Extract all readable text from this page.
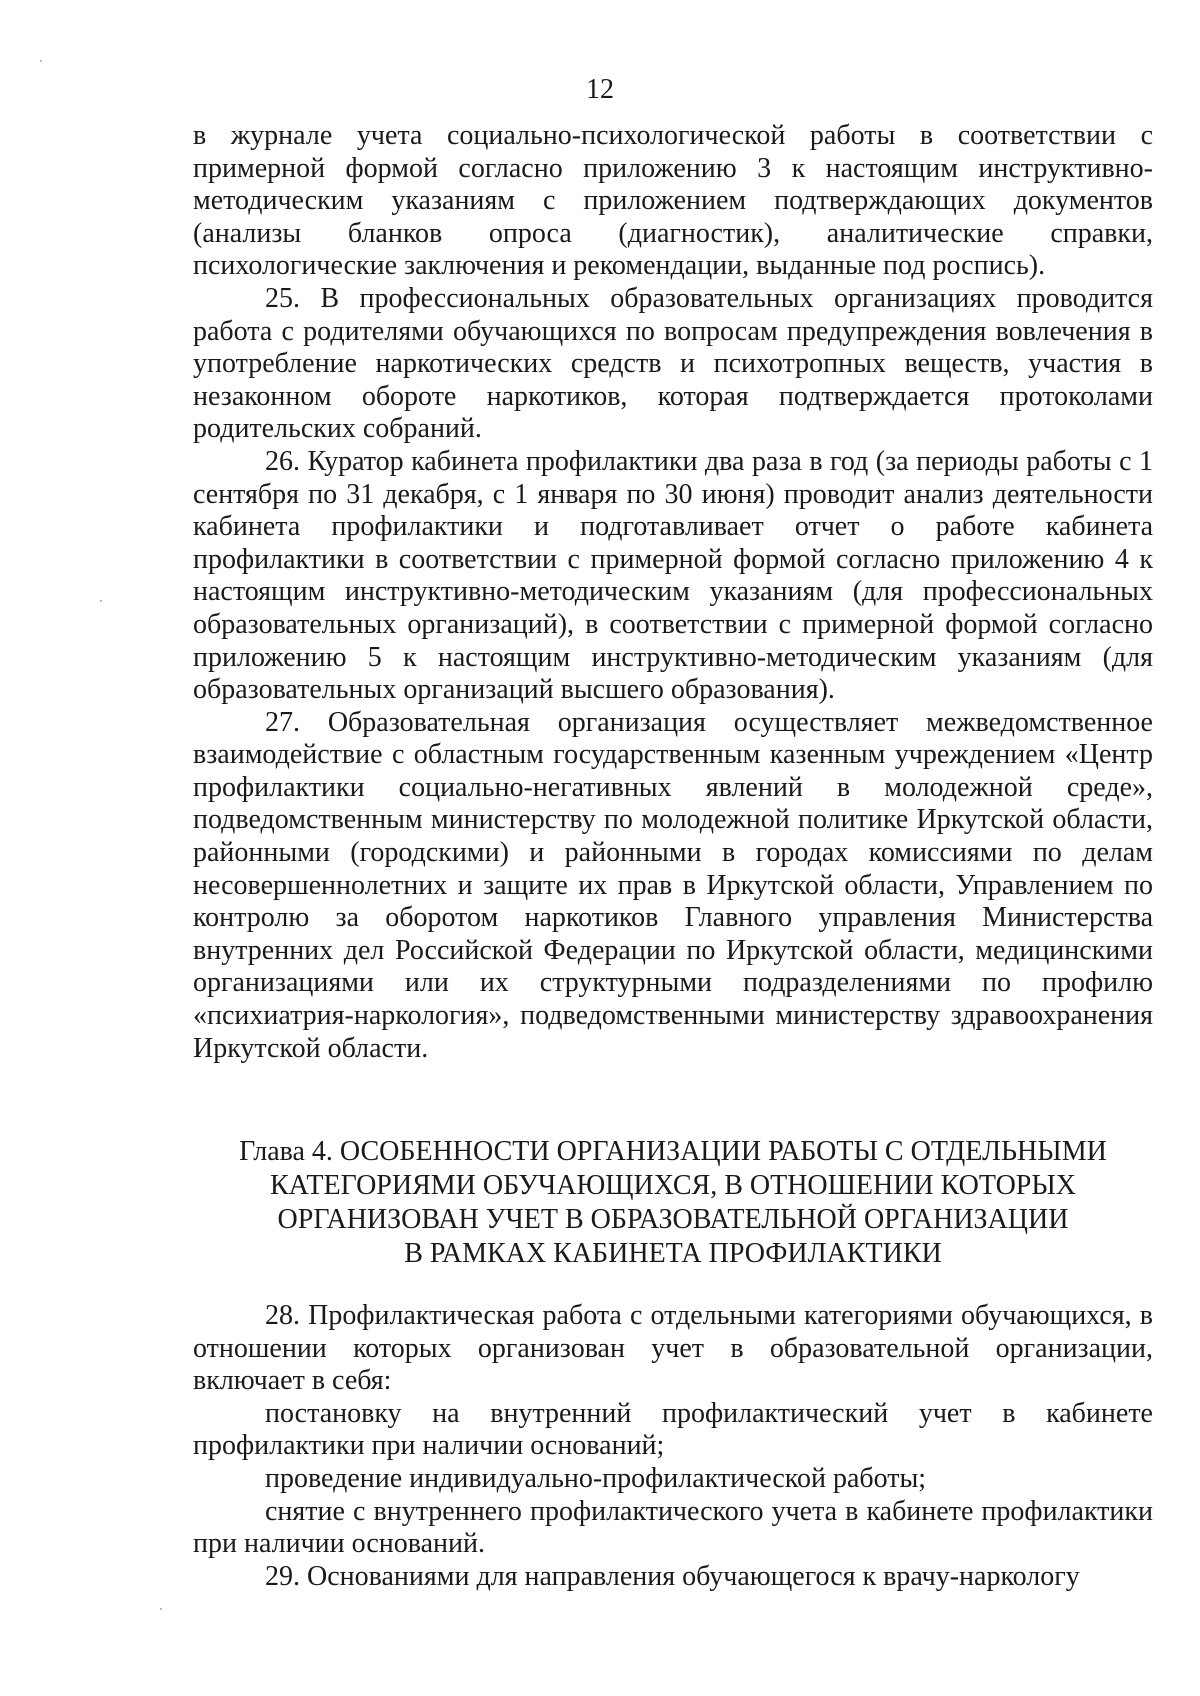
12

в журнале учета социально-психологической работы в соответствии с примерной формой согласно приложению 3 к настоящим инструктивно-методическим указаниям с приложением подтверждающих документов (анализы бланков опроса (диагностик), аналитические справки, психологические заключения и рекомендации, выданные под роспись).

25. В профессиональных образовательных организациях проводится работа с родителями обучающихся по вопросам предупреждения вовлечения в употребление наркотических средств и психотропных веществ, участия в незаконном обороте наркотиков, которая подтверждается протоколами родительских собраний.

26. Куратор кабинета профилактики два раза в год (за периоды работы с 1 сентября по 31 декабря, с 1 января по 30 июня) проводит анализ деятельности кабинета профилактики и подготавливает отчет о работе кабинета профилактики в соответствии с примерной формой согласно приложению 4 к настоящим инструктивно-методическим указаниям (для профессиональных образовательных организаций), в соответствии с примерной формой согласно приложению 5 к настоящим инструктивно-методическим указаниям (для образовательных организаций высшего образования).

27. Образовательная организация осуществляет межведомственное взаимодействие с областным государственным казенным учреждением «Центр профилактики социально-негативных явлений в молодежной среде», подведомственным министерству по молодежной политике Иркутской области, районными (городскими) и районными в городах комиссиями по делам несовершеннолетних и защите их прав в Иркутской области, Управлением по контролю за оборотом наркотиков Главного управления Министерства внутренних дел Российской Федерации по Иркутской области, медицинскими организациями или их структурными подразделениями по профилю «психиатрия-наркология», подведомственными министерству здравоохранения Иркутской области.

Глава 4. ОСОБЕННОСТИ ОРГАНИЗАЦИИ РАБОТЫ С ОТДЕЛЬНЫМИ
КАТЕГОРИЯМИ ОБУЧАЮЩИХСЯ, В ОТНОШЕНИИ КОТОРЫХ
ОРГАНИЗОВАН УЧЕТ В ОБРАЗОВАТЕЛЬНОЙ ОРГАНИЗАЦИИ
В РАМКАХ КАБИНЕТА ПРОФИЛАКТИКИ

28. Профилактическая работа с отдельными категориями обучающихся, в отношении которых организован учет в образовательной организации, включает в себя:

постановку на внутренний профилактический учет в кабинете профилактики при наличии оснований;

проведение индивидуально-профилактической работы;

снятие с внутреннего профилактического учета в кабинете профилактики при наличии оснований.

29. Основаниями для направления обучающегося к врачу-наркологу
